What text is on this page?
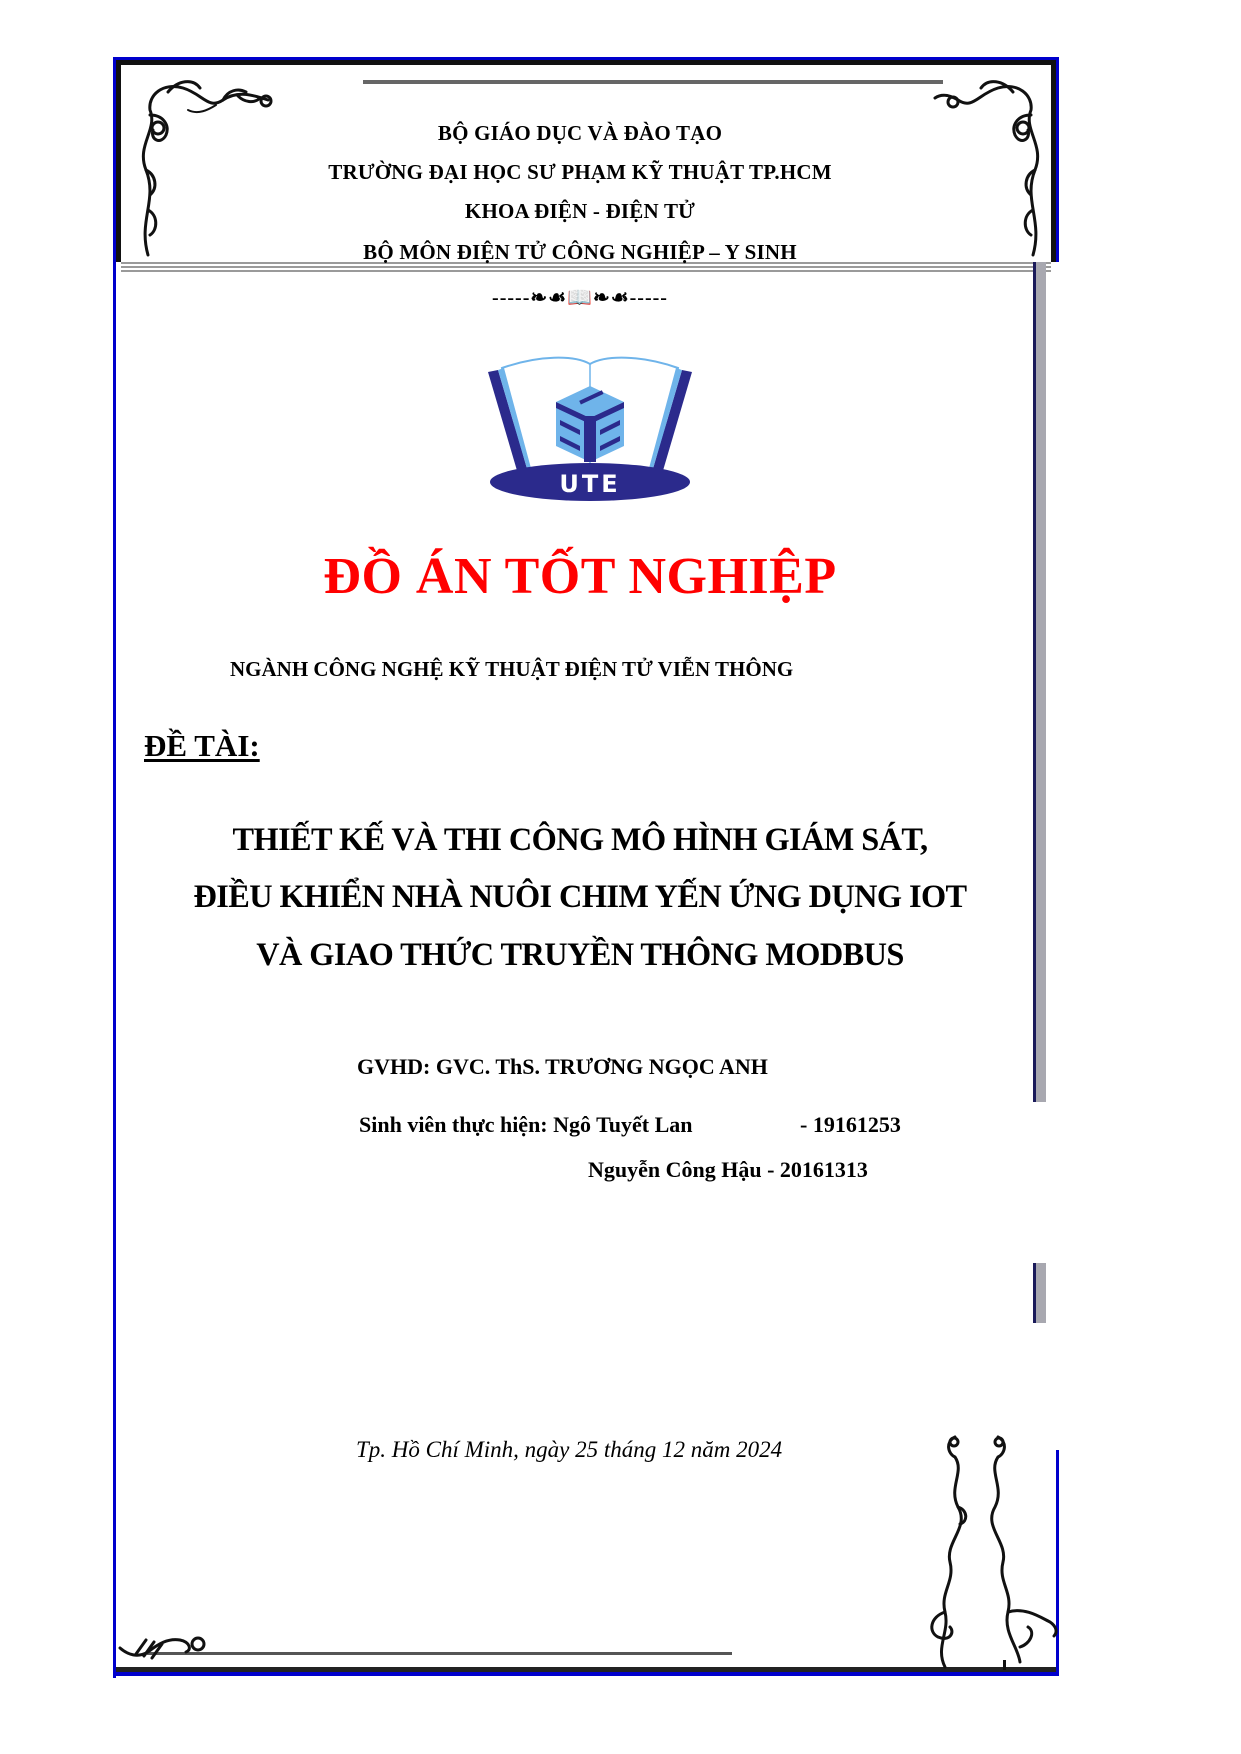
BỘ GIÁO DỤC VÀ ĐÀO TẠO
TRƯỜNG ĐẠI HỌC SƯ PHẠM KỸ THUẬT TP.HCM
KHOA ĐIỆN - ĐIỆN TỬ
BỘ MÔN ĐIỆN TỬ CÔNG NGHIỆP – Y SINH
-----❧☙📖❧☙-----
UTE
ĐỒ ÁN TỐT NGHIỆP
NGÀNH CÔNG NGHỆ KỸ THUẬT ĐIỆN TỬ VIỄN THÔNG
ĐỀ TÀI:
THIẾT KẾ VÀ THI CÔNG MÔ HÌNH GIÁM SÁT,
ĐIỀU KHIỂN NHÀ NUÔI CHIM YẾN ỨNG DỤNG IOT
VÀ GIAO THỨC TRUYỀN THÔNG MODBUS
GVHD: GVC. ThS. TRƯƠNG NGỌC ANH
Sinh viên thực hiện: Ngô Tuyết Lan	- 19161253
Nguyễn Công Hậu - 20161313
Tp. Hồ Chí Minh, ngày 25 tháng 12 năm 2024
